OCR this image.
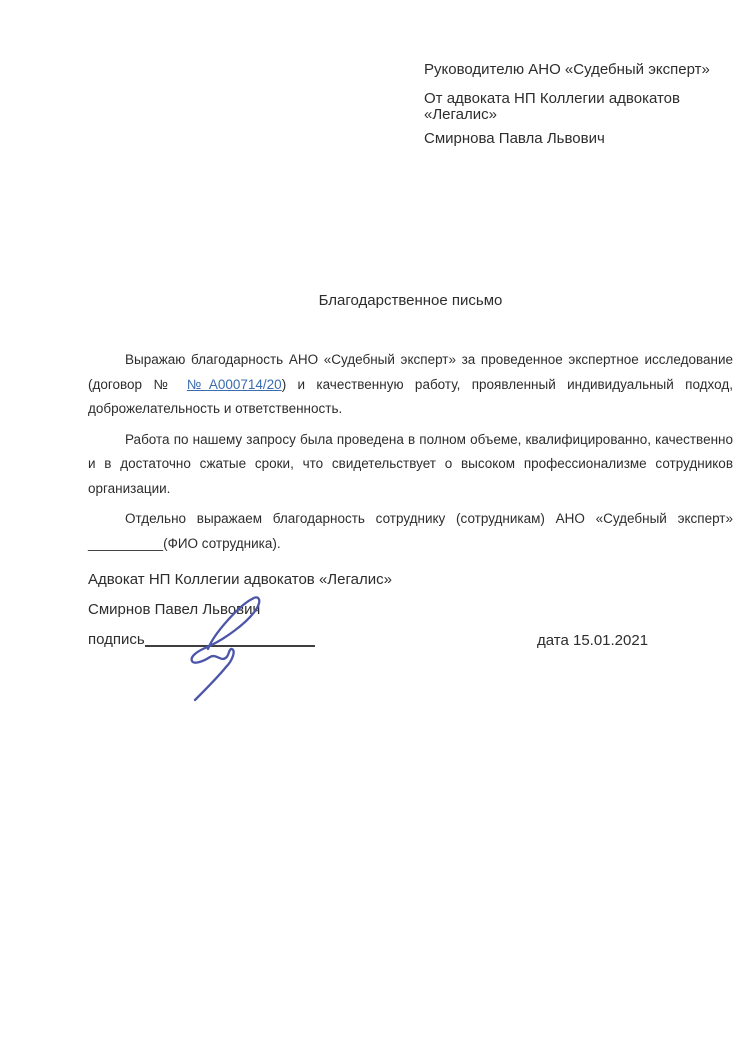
Руководителю АНО «Судебный эксперт»
От адвоката НП Коллегии адвокатов «Легалис»
Смирнова Павла Львович
Благодарственное письмо

Выражаю благодарность АНО «Судебный эксперт» за проведенное экспертное исследование (договор № №А000714/20) и качественную работу, проявленный индивидуальный подход, доброжелательность и ответственность.

Работа по нашему запросу была проведена в полном объеме, квалифицированно, качественно и в достаточно сжатые сроки, что свидетельствует о высоком профессионализме сотрудников организации.

Отдельно выражаем благодарность сотруднику (сотрудникам) АНО «Судебный эксперт» __________(ФИО сотрудника).

Адвокат НП Коллегии адвокатов «Легалис»
Смирнов Павел Львович
подпись	дата 15.01.2021
